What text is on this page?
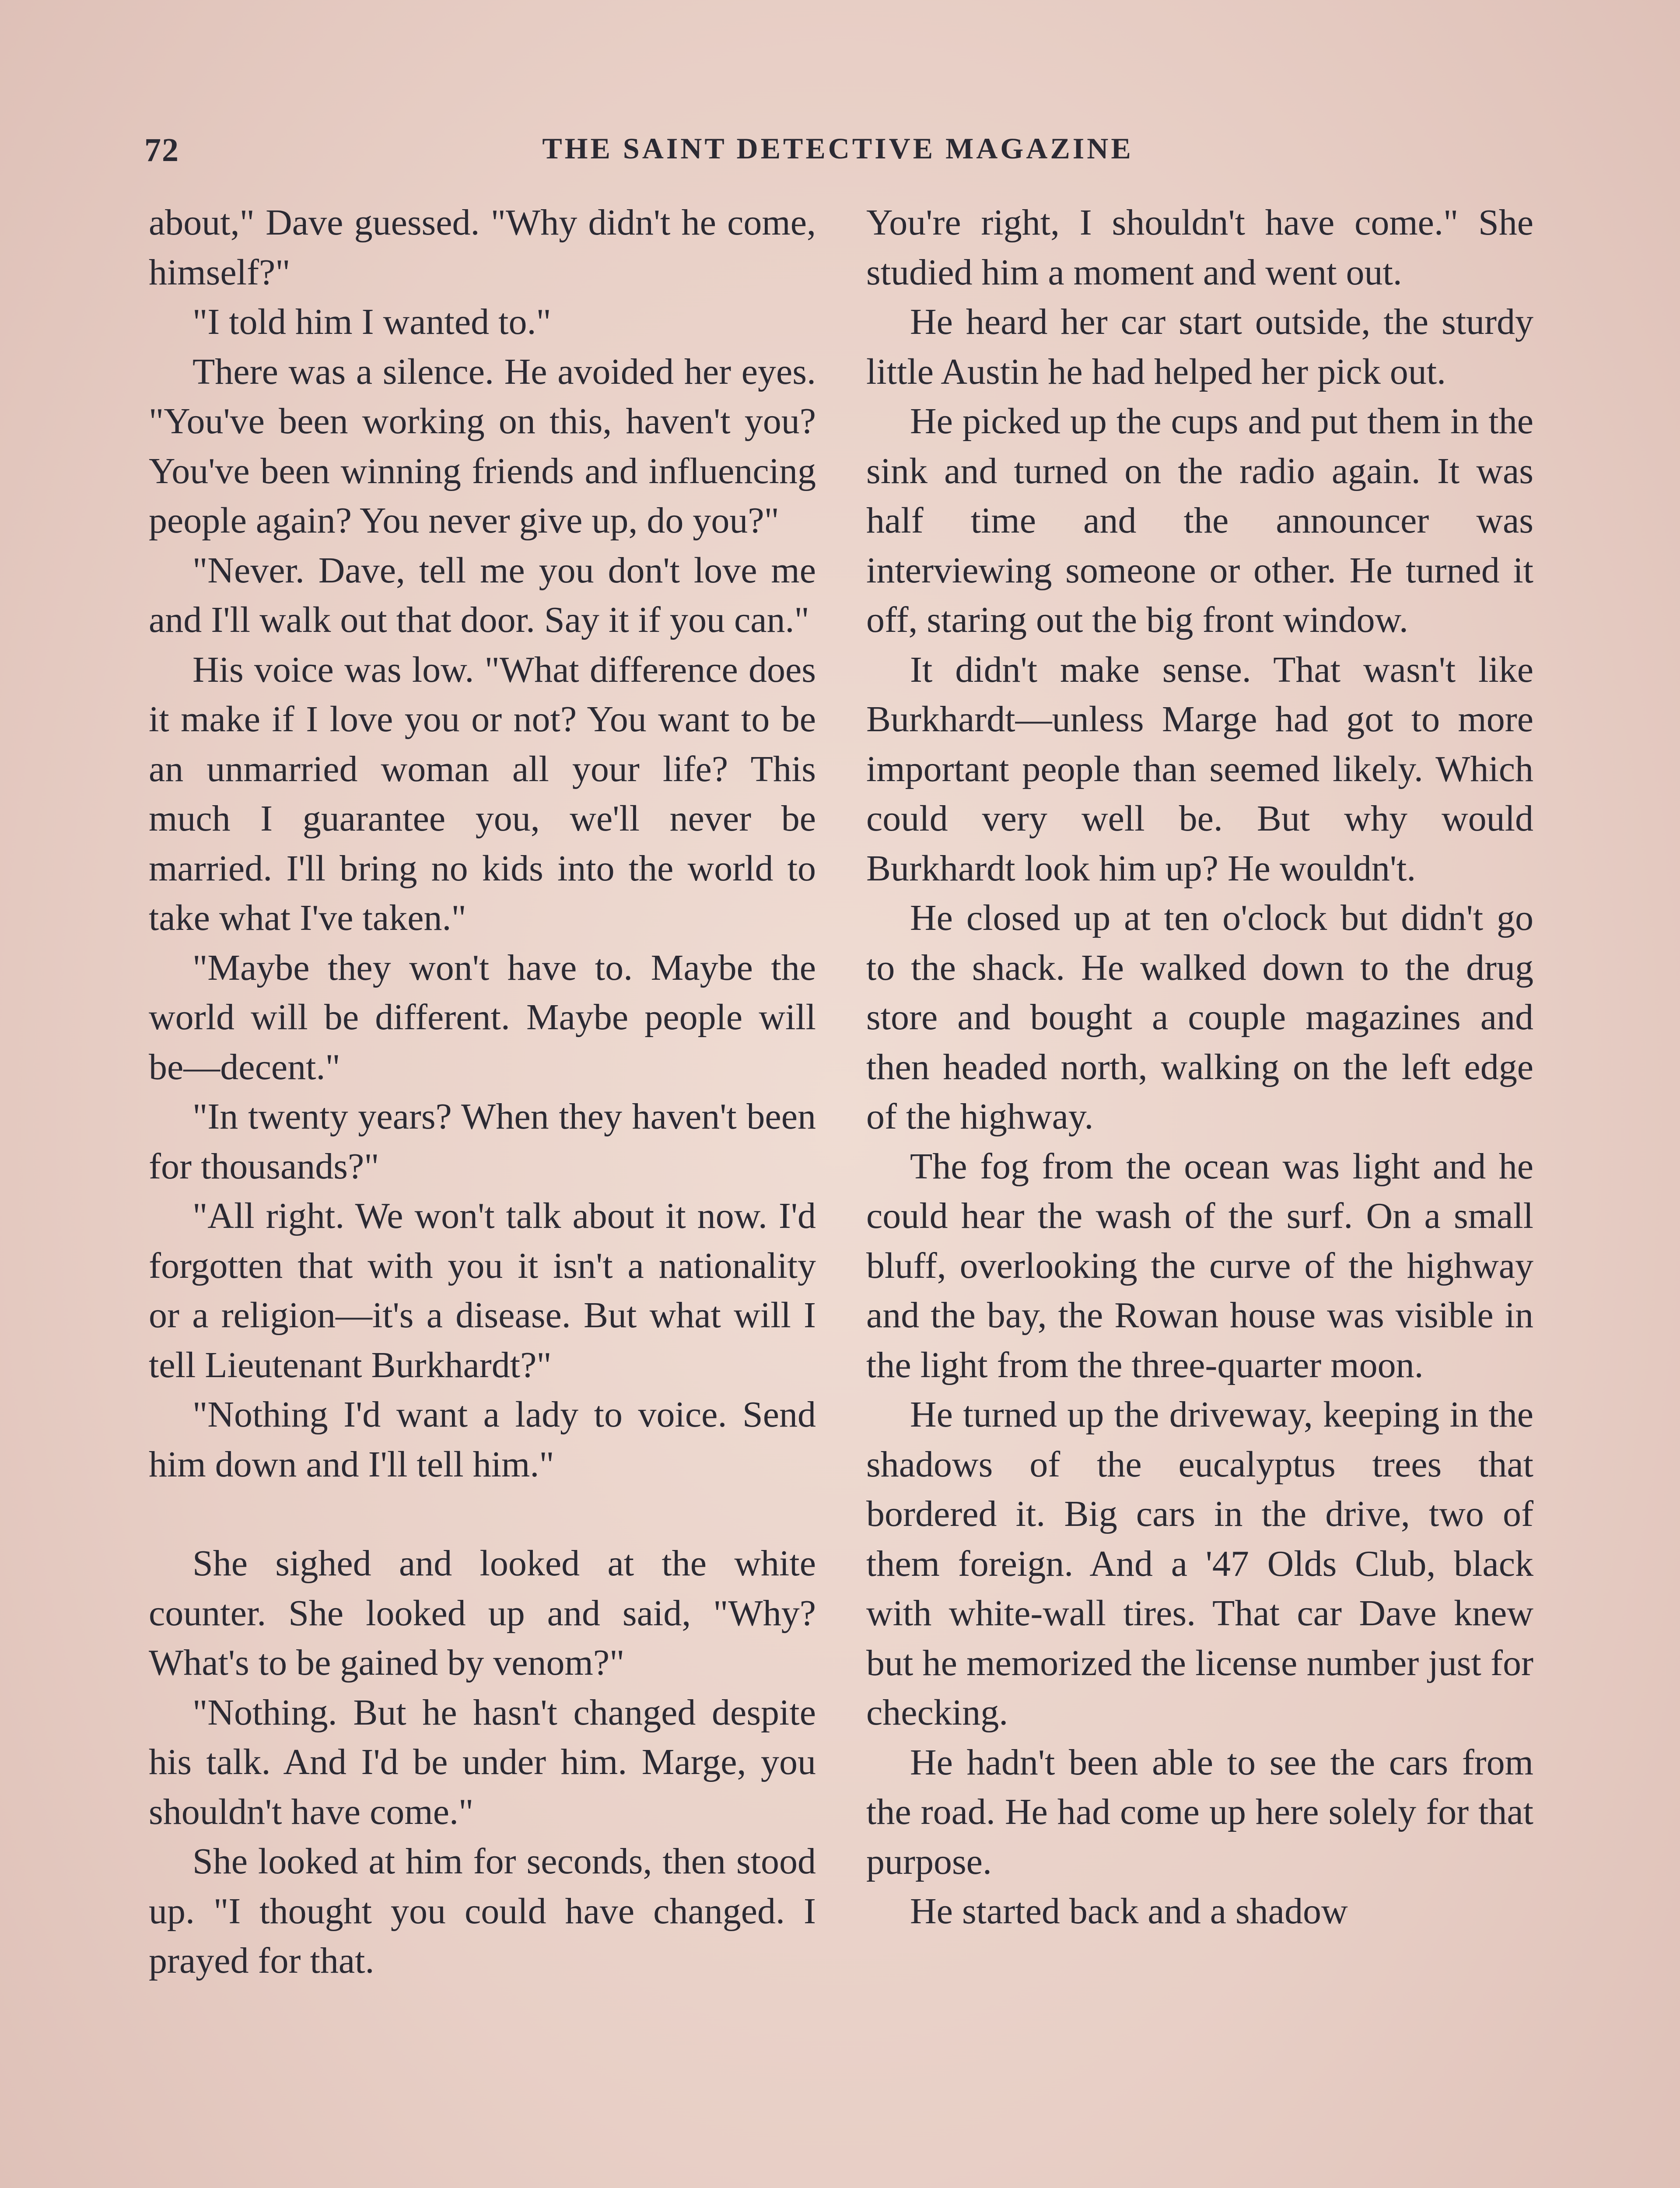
72	THE SAINT DETECTIVE MAGAZINE

about," Dave guessed. "Why didn't he come, himself?"

"I told him I wanted to."

There was a silence. He avoided her eyes. "You've been working on this, haven't you? You've been winning friends and influencing people again? You never give up, do you?"

"Never. Dave, tell me you don't love me and I'll walk out that door. Say it if you can."

His voice was low. "What difference does it make if I love you or not? You want to be an unmarried woman all your life? This much I guarantee you, we'll never be married. I'll bring no kids into the world to take what I've taken."

"Maybe they won't have to. Maybe the world will be different. Maybe people will be—decent."

"In twenty years? When they haven't been for thousands?"

"All right. We won't talk about it now. I'd forgotten that with you it isn't a nationality or a religion—it's a disease. But what will I tell Lieutenant Burkhardt?"

"Nothing I'd want a lady to voice. Send him down and I'll tell him."

She sighed and looked at the white counter. She looked up and said, "Why? What's to be gained by venom?"

"Nothing. But he hasn't changed despite his talk. And I'd be under him. Marge, you shouldn't have come."

She looked at him for seconds, then stood up. "I thought you could have changed. I prayed for that.

You're right, I shouldn't have come." She studied him a moment and went out.

He heard her car start outside, the sturdy little Austin he had helped her pick out.

He picked up the cups and put them in the sink and turned on the radio again. It was half time and the announcer was interviewing someone or other. He turned it off, staring out the big front window.

It didn't make sense. That wasn't like Burkhardt—unless Marge had got to more important people than seemed likely. Which could very well be. But why would Burkhardt look him up? He wouldn't.

He closed up at ten o'clock but didn't go to the shack. He walked down to the drug store and bought a couple magazines and then headed north, walking on the left edge of the highway.

The fog from the ocean was light and he could hear the wash of the surf. On a small bluff, overlooking the curve of the highway and the bay, the Rowan house was visible in the light from the three-quarter moon.

He turned up the driveway, keeping in the shadows of the eucalyptus trees that bordered it. Big cars in the drive, two of them foreign. And a '47 Olds Club, black with white-wall tires. That car Dave knew but he memorized the license number just for checking.

He hadn't been able to see the cars from the road. He had come up here solely for that purpose.

He started back and a shadow
